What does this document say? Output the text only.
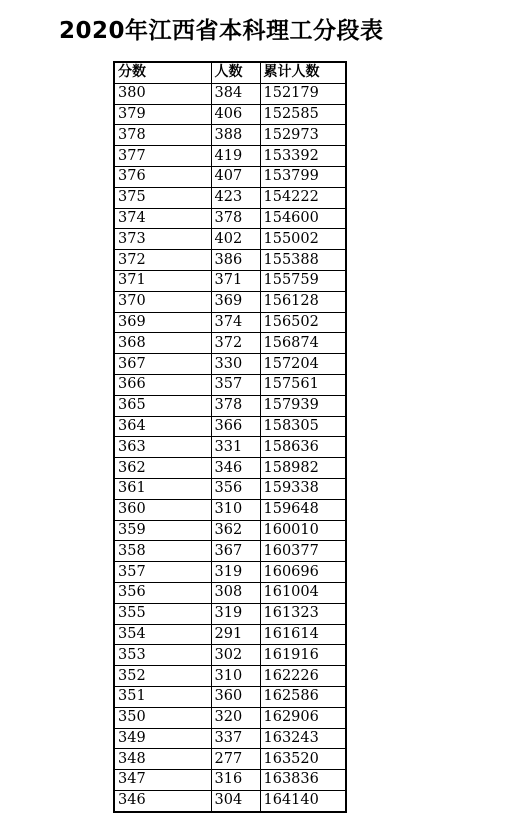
2020年江西省本科理工分段表
分数	人数	累计人数
380	384	152179
379	406	152585
378	388	152973
377	419	153392
376	407	153799
375	423	154222
374	378	154600
373	402	155002
372	386	155388
371	371	155759
370	369	156128
369	374	156502
368	372	156874
367	330	157204
366	357	157561
365	378	157939
364	366	158305
363	331	158636
362	346	158982
361	356	159338
360	310	159648
359	362	160010
358	367	160377
357	319	160696
356	308	161004
355	319	161323
354	291	161614
353	302	161916
352	310	162226
351	360	162586
350	320	162906
349	337	163243
348	277	163520
347	316	163836
346	304	164140
